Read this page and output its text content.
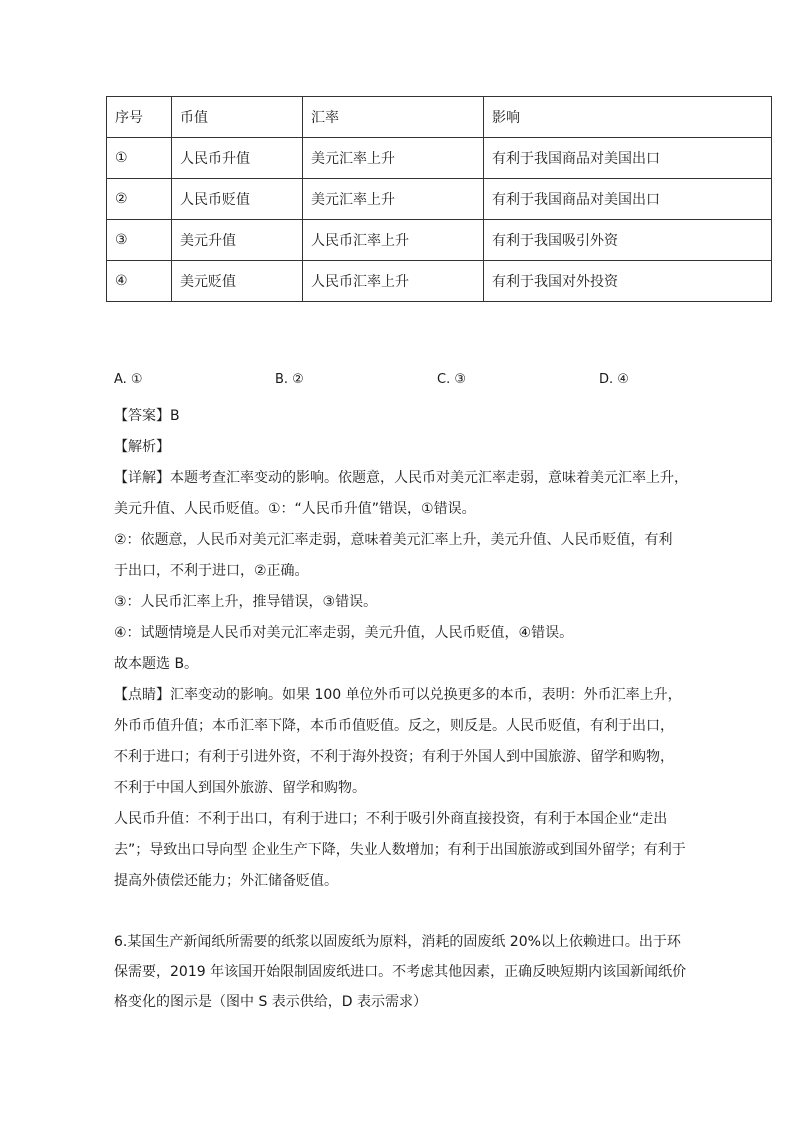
序号	币值	汇率	影响
①	人民币升值	美元汇率上升	有利于我国商品对美国出口
②	人民币贬值	美元汇率上升	有利于我国商品对美国出口
③	美元升值	人民币汇率上升	有利于我国吸引外资
④	美元贬值	人民币汇率上升	有利于我国对外投资
A. ①	B. ②	C. ③	D. ④

【答案】B

【解析】

【详解】本题考查汇率变动的影响。依题意，人民币对美元汇率走弱，意味着美元汇率上升，

美元升值、人民币贬值。①：“人民币升值”错误，①错误。

②：依题意，人民币对美元汇率走弱，意味着美元汇率上升，美元升值、人民币贬值，有利

于出口，不利于进口，②正确。

③：人民币汇率上升，推导错误，③错误。

④：试题情境是人民币对美元汇率走弱，美元升值，人民币贬值，④错误。

故本题选 B。

【点睛】汇率变动的影响。如果 100 单位外币可以兑换更多的本币，表明：外币汇率上升，

外币币值升值；本币汇率下降，本币币值贬值。反之，则反是。人民币贬值，有利于出口，

不利于进口；有利于引进外资，不利于海外投资；有利于外国人到中国旅游、留学和购物，

不利于中国人到国外旅游、留学和购物。

人民币升值：不利于出口，有利于进口；不利于吸引外商直接投资，有利于本国企业“走出

去”；导致出口导向型 企业生产下降，失业人数增加；有利于出国旅游或到国外留学；有利于

提高外债偿还能力；外汇储备贬值。

6.某国生产新闻纸所需要的纸浆以固废纸为原料，消耗的固废纸 20%以上依赖进口。出于环

保需要，2019 年该国开始限制固废纸进口。不考虑其他因素，正确反映短期内该国新闻纸价

格变化的图示是（图中 S 表示供给，D 表示需求）
